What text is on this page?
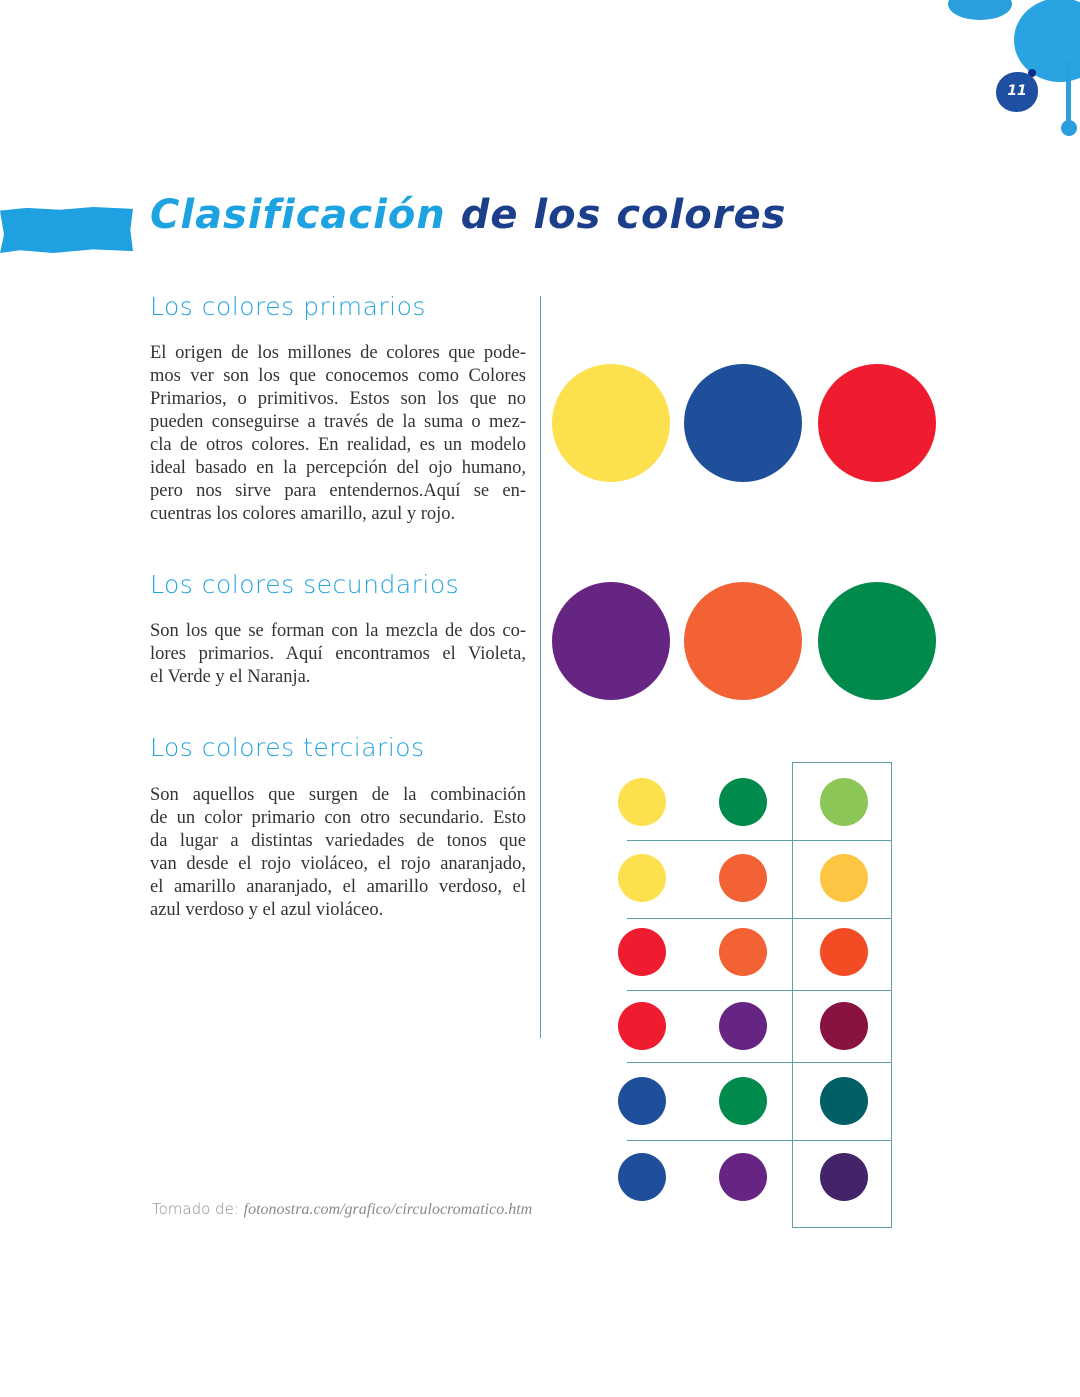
11
Clasificación de los colores
Los colores primarios
El origen de los millones de colores que pode-
mos ver son los que conocemos como Colores
Primarios, o primitivos. Estos son los que no
pueden conseguirse a través de la suma o mez-
cla de otros colores. En realidad, es un modelo
ideal basado en la percepción del ojo humano,
pero nos sirve para entendernos.Aquí se en-
cuentras los colores amarillo, azul y rojo.
Los colores secundarios
Son los que se forman con la mezcla de dos co-
lores primarios. Aquí encontramos el Violeta,
el Verde y el Naranja.
Los colores terciarios
Son aquellos que surgen de la combinación
de un color primario con otro secundario. Esto
da lugar a distintas variedades de tonos que
van desde el rojo violáceo, el rojo anaranjado,
el amarillo anaranjado, el amarillo verdoso, el
azul verdoso y el azul violáceo.
Tomado de: fotonostra.com/grafico/circulocromatico.htm
